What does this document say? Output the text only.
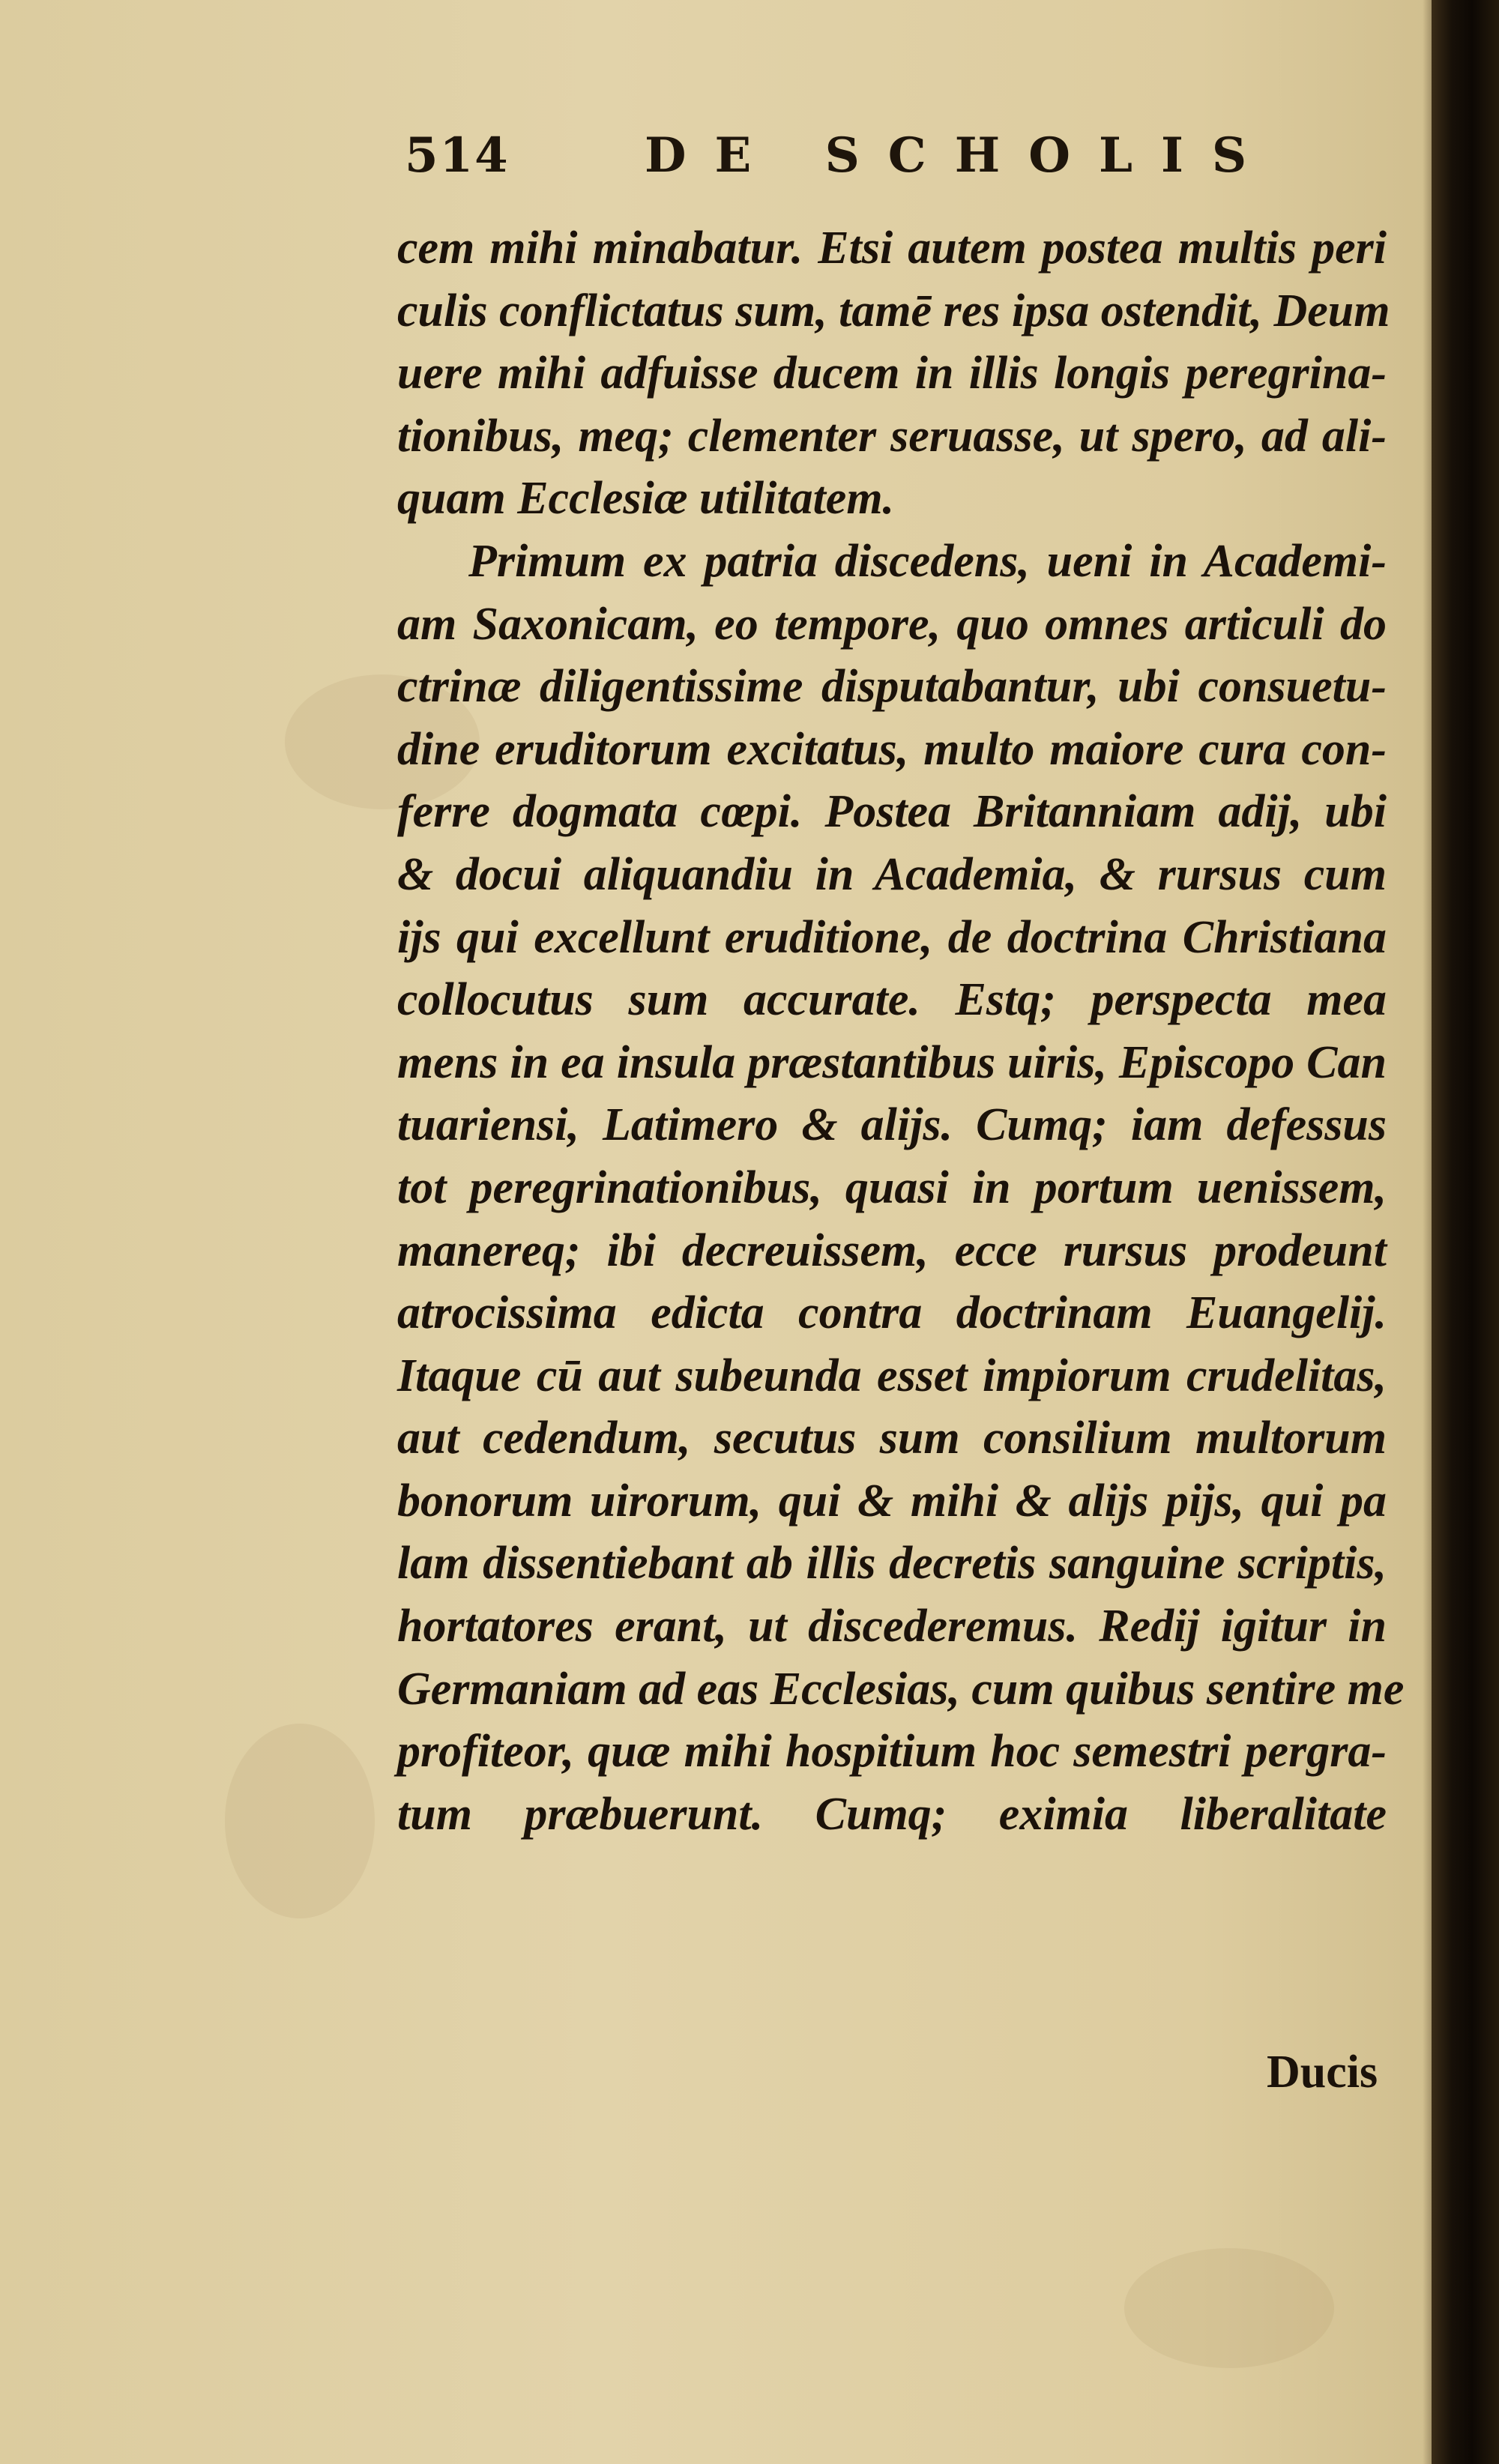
514	DE SCHOLIS
cem mihi minabatur. Etsi autem postea multis peri
culis conflictatus sum, tamē res ipsa ostendit, Deum
uere mihi adfuisse ducem in illis longis peregrina-
tionibus, meq; clementer seruasse, ut spero, ad ali-
quam Ecclesiæ utilitatem.
Primum ex patria discedens, ueni in Academi-
am Saxonicam, eo tempore, quo omnes articuli do
ctrinæ diligentissime disputabantur, ubi consuetu-
dine eruditorum excitatus, multo maiore cura con-
ferre dogmata cœpi. Postea Britanniam adij, ubi
& docui aliquandiu in Academia, & rursus cum
ijs qui excellunt eruditione, de doctrina Christiana
collocutus sum accurate. Estq; perspecta mea
mens in ea insula præstantibus uiris, Episcopo Can
tuariensi, Latimero & alijs. Cumq; iam defessus
tot peregrinationibus, quasi in portum uenissem,
manereq; ibi decreuissem, ecce rursus prodeunt
atrocissima edicta contra doctrinam Euangelij.
Itaque cū aut subeunda esset impiorum crudelitas,
aut cedendum, secutus sum consilium multorum
bonorum uirorum, qui & mihi & alijs pijs, qui pa
lam dissentiebant ab illis decretis sanguine scriptis,
hortatores erant, ut discederemus. Redij igitur in
Germaniam ad eas Ecclesias, cum quibus sentire me
profiteor, quæ mihi hospitium hoc semestri pergra-
tum præbuerunt. Cumq; eximia liberalitate
Ducis
